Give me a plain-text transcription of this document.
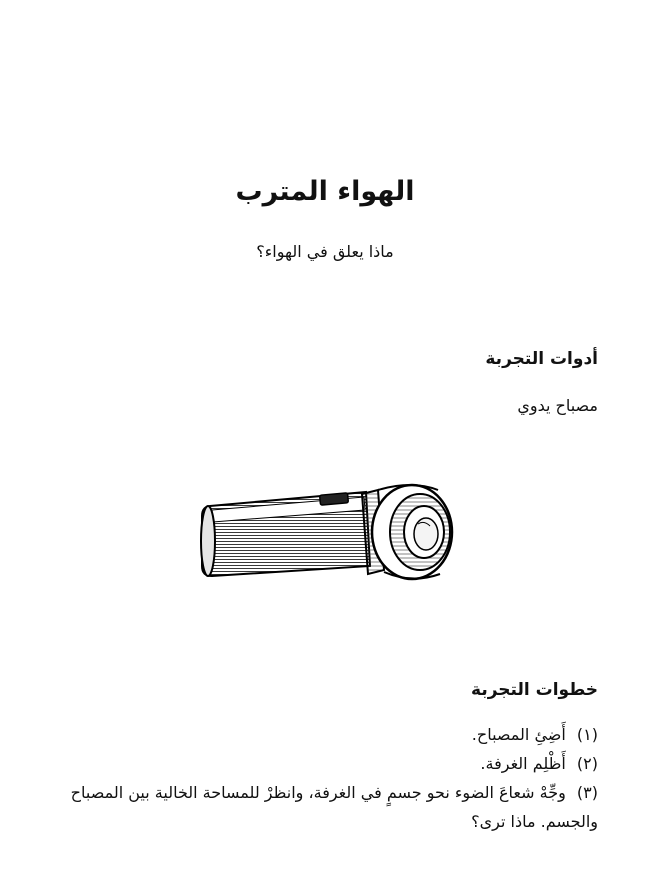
الهواء المترب

ماذا يعلق في الهواء؟

أدوات التجربة

مصباح يدوي

خطوات التجربة
(١) أَضِئِ المصباح.
(٢) أَظْلِم الغرفة.
(٣) وجِّهْ شعاعَ الضوء نحو جسمٍ في الغرفة، وانظرْ للمساحة الخالية بين المصباح والجسم. ماذا ترى؟
